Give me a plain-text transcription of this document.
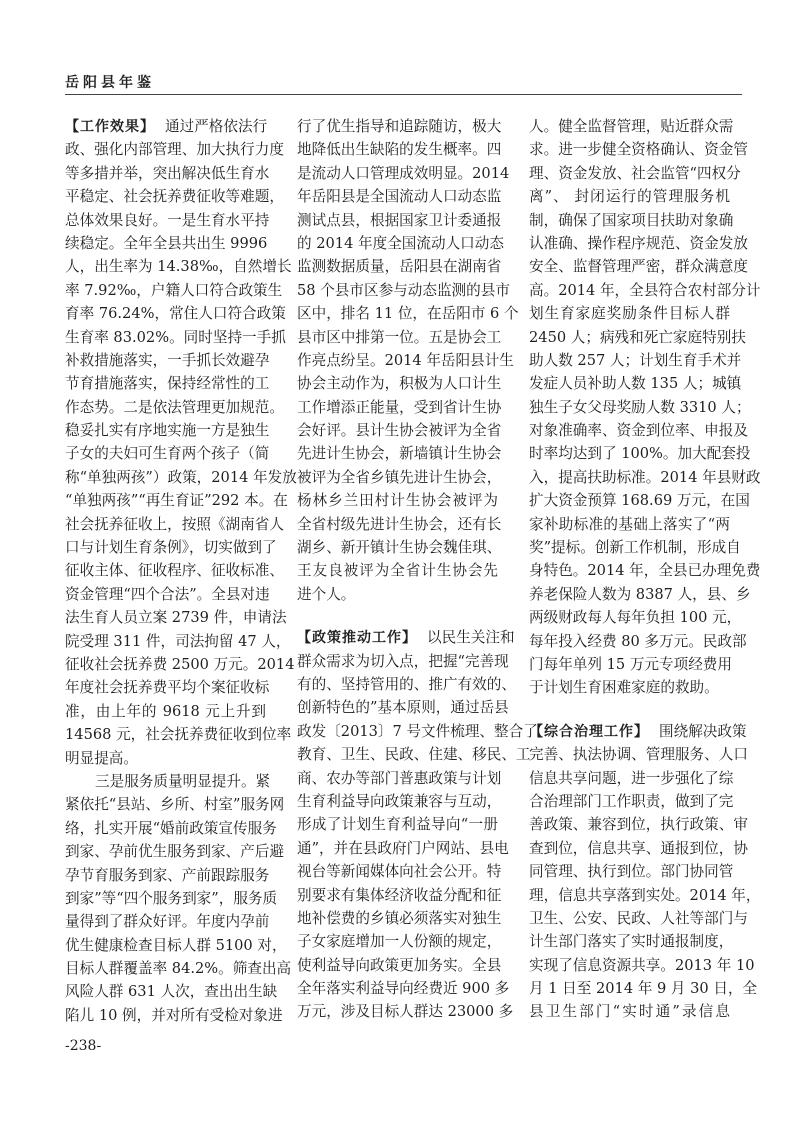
岳阳县年鉴
【工作效果】 通过严格依法行
政、强化内部管理、加大执行力度
等多措并举，突出解决低生育水
平稳定、社会抚养费征收等难题，
总体效果良好。一是生育水平持
续稳定。全年全县共出生 9996
人，出生率为 14.38‰，自然增长
率 7.92‰，户籍人口符合政策生
育率 76.24%，常住人口符合政策
生育率 83.02%。同时坚持一手抓
补救措施落实，一手抓长效避孕
节育措施落实，保持经常性的工
作态势。二是依法管理更加规范。
稳妥扎实有序地实施一方是独生
子女的夫妇可生育两个孩子（简
称“单独两孩”）政策，2014 年发放
“单独两孩”“再生育证”292 本。在
社会抚养征收上，按照《湖南省人
口与计划生育条例》，切实做到了
征收主体、征收程序、征收标准、
资金管理“四个合法”。全县对违
法生育人员立案 2739 件，申请法
院受理 311 件，司法拘留 47 人，
征收社会抚养费 2500 万元。2014
年度社会抚养费平均个案征收标
准，由上年的 9618 元上升到
14568 元，社会抚养费征收到位率
明显提高。
三是服务质量明显提升。紧
紧依托“县站、乡所、村室”服务网
络，扎实开展“婚前政策宣传服务
到家、孕前优生服务到家、产后避
孕节育服务到家、产前跟踪服务
到家”等“四个服务到家”，服务质
量得到了群众好评。年度内孕前
优生健康检查目标人群 5100 对，
目标人群覆盖率 84.2%。筛查出高
风险人群 631 人次，查出出生缺
陷儿 10 例，并对所有受检对象进
行了优生指导和追踪随访，极大
地降低出生缺陷的发生概率。四
是流动人口管理成效明显。2014
年岳阳县是全国流动人口动态监
测试点县，根据国家卫计委通报
的 2014 年度全国流动人口动态
监测数据质量，岳阳县在湖南省
58 个县市区参与动态监测的县市
区中，排名 11 位，在岳阳市 6 个
县市区中排第一位。五是协会工
作亮点纷呈。2014 年岳阳县计生
协会主动作为，积极为人口计生
工作增添正能量，受到省计生协
会好评。县计生协会被评为全省
先进计生协会，新墙镇计生协会
被评为全省乡镇先进计生协会，
杨林乡兰田村计生协会被评为
全省村级先进计生协会，还有长
湖乡、新开镇计生协会魏佳琪、
王友良被评为全省计生协会先
进个人。
【政策推动工作】 以民生关注和
群众需求为切入点，把握“完善现
有的、坚持管用的、推广有效的、
创新特色的”基本原则，通过岳县
政发〔2013〕7 号文件梳理、整合了
教育、卫生、民政、住建、移民、工
商、农办等部门普惠政策与计划
生育利益导向政策兼容与互动，
形成了计划生育利益导向“一册
通”，并在县政府门户网站、县电
视台等新闻媒体向社会公开。特
别要求有集体经济收益分配和征
地补偿费的乡镇必须落实对独生
子女家庭增加一人份额的规定，
使利益导向政策更加务实。全县
全年落实利益导向经费近 900 多
万元，涉及目标人群达 23000 多
人。健全监督管理，贴近群众需
求。进一步健全资格确认、资金管
理、资金发放、社会监管“四权分
离”、 封闭运行的管理服务机
制，确保了国家项目扶助对象确
认准确、操作程序规范、资金发放
安全、监督管理严密，群众满意度
高。2014 年，全县符合农村部分计
划生育家庭奖励条件目标人群
2450 人；病残和死亡家庭特别扶
助人数 257 人；计划生育手术并
发症人员补助人数 135 人；城镇
独生子女父母奖励人数 3310 人；
对象准确率、资金到位率、申报及
时率均达到了 100%。加大配套投
入，提高扶助标准。2014 年县财政
扩大资金预算 168.69 万元，在国
家补助标准的基础上落实了“两
奖”提标。创新工作机制，形成自
身特色。2014 年，全县已办理免费
养老保险人数为 8387 人，县、乡
两级财政每人每年负担 100 元，
每年投入经费 80 多万元。民政部
门每年单列 15 万元专项经费用
于计划生育困难家庭的救助。
【综合治理工作】 围绕解决政策
完善、执法协调、管理服务、人口
信息共享问题，进一步强化了综
合治理部门工作职责，做到了完
善政策、兼容到位，执行政策、审
查到位，信息共享、通报到位，协
同管理、执行到位。部门协同管
理，信息共享落到实处。2014 年，
卫生、公安、民政、人社等部门与
计生部门落实了实时通报制度，
实现了信息资源共享。2013 年 10
月 1 日至 2014 年 9 月 30 日，全
县卫生部门“实时通”录信息
-238-
